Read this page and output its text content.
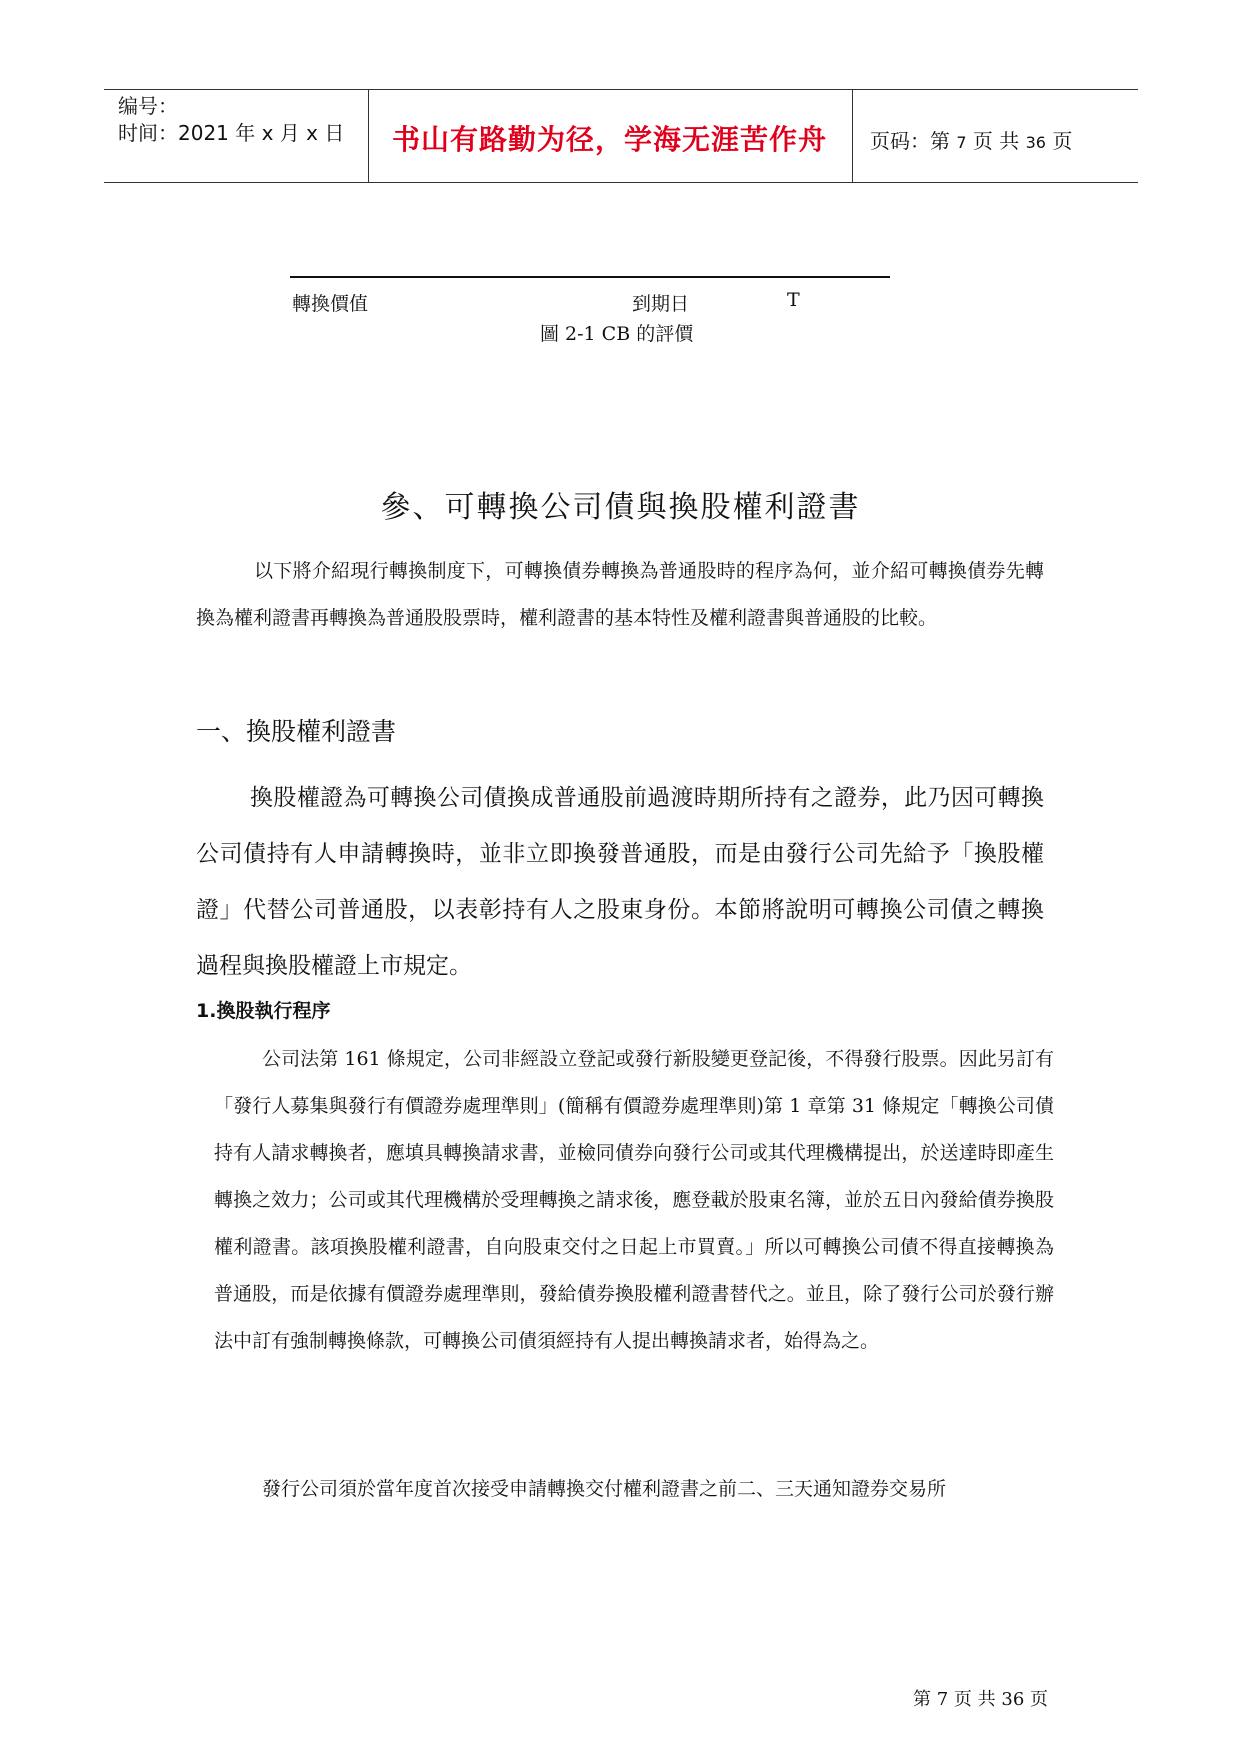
编号：
时间：2021 年 x 月 x 日 书山有路勤为径，学海无涯苦作舟 页码：第 7 页 共 36 页
轉換價值	到期日	T
圖 2-1 CB 的評價
參、可轉換公司債與換股權利證書
以下將介紹現行轉換制度下，可轉換債券轉換為普通股時的程序為何，並介紹可轉換債券先轉換為權利證書再轉換為普通股股票時，權利證書的基本特性及權利證書與普通股的比較。
一、換股權利證書
換股權證為可轉換公司債換成普通股前過渡時期所持有之證券，此乃因可轉換公司債持有人申請轉換時，並非立即換發普通股，而是由發行公司先給予「換股權證」代替公司普通股，以表彰持有人之股東身份。本節將說明可轉換公司債之轉換過程與換股權證上市規定。
1.換股執行程序
公司法第 161 條規定，公司非經設立登記或發行新股變更登記後，不得發行股票。因此另訂有「發行人募集與發行有價證券處理準則」(簡稱有價證券處理準則)第 1 章第 31 條規定「轉換公司債持有人請求轉換者，應填具轉換請求書，並檢同債券向發行公司或其代理機構提出，於送達時即產生轉換之效力；公司或其代理機構於受理轉換之請求後，應登載於股東名簿，並於五日內發給債券換股權利證書。該項換股權利證書，自向股東交付之日起上市買賣。」所以可轉換公司債不得直接轉換為普通股，而是依據有價證券處理準則，發給債券換股權利證書替代之。並且，除了發行公司於發行辦法中訂有強制轉換條款，可轉換公司債須經持有人提出轉換請求者，始得為之。
發行公司須於當年度首次接受申請轉換交付權利證書之前二、三天通知證券交易所
第 7 页 共 36 页
